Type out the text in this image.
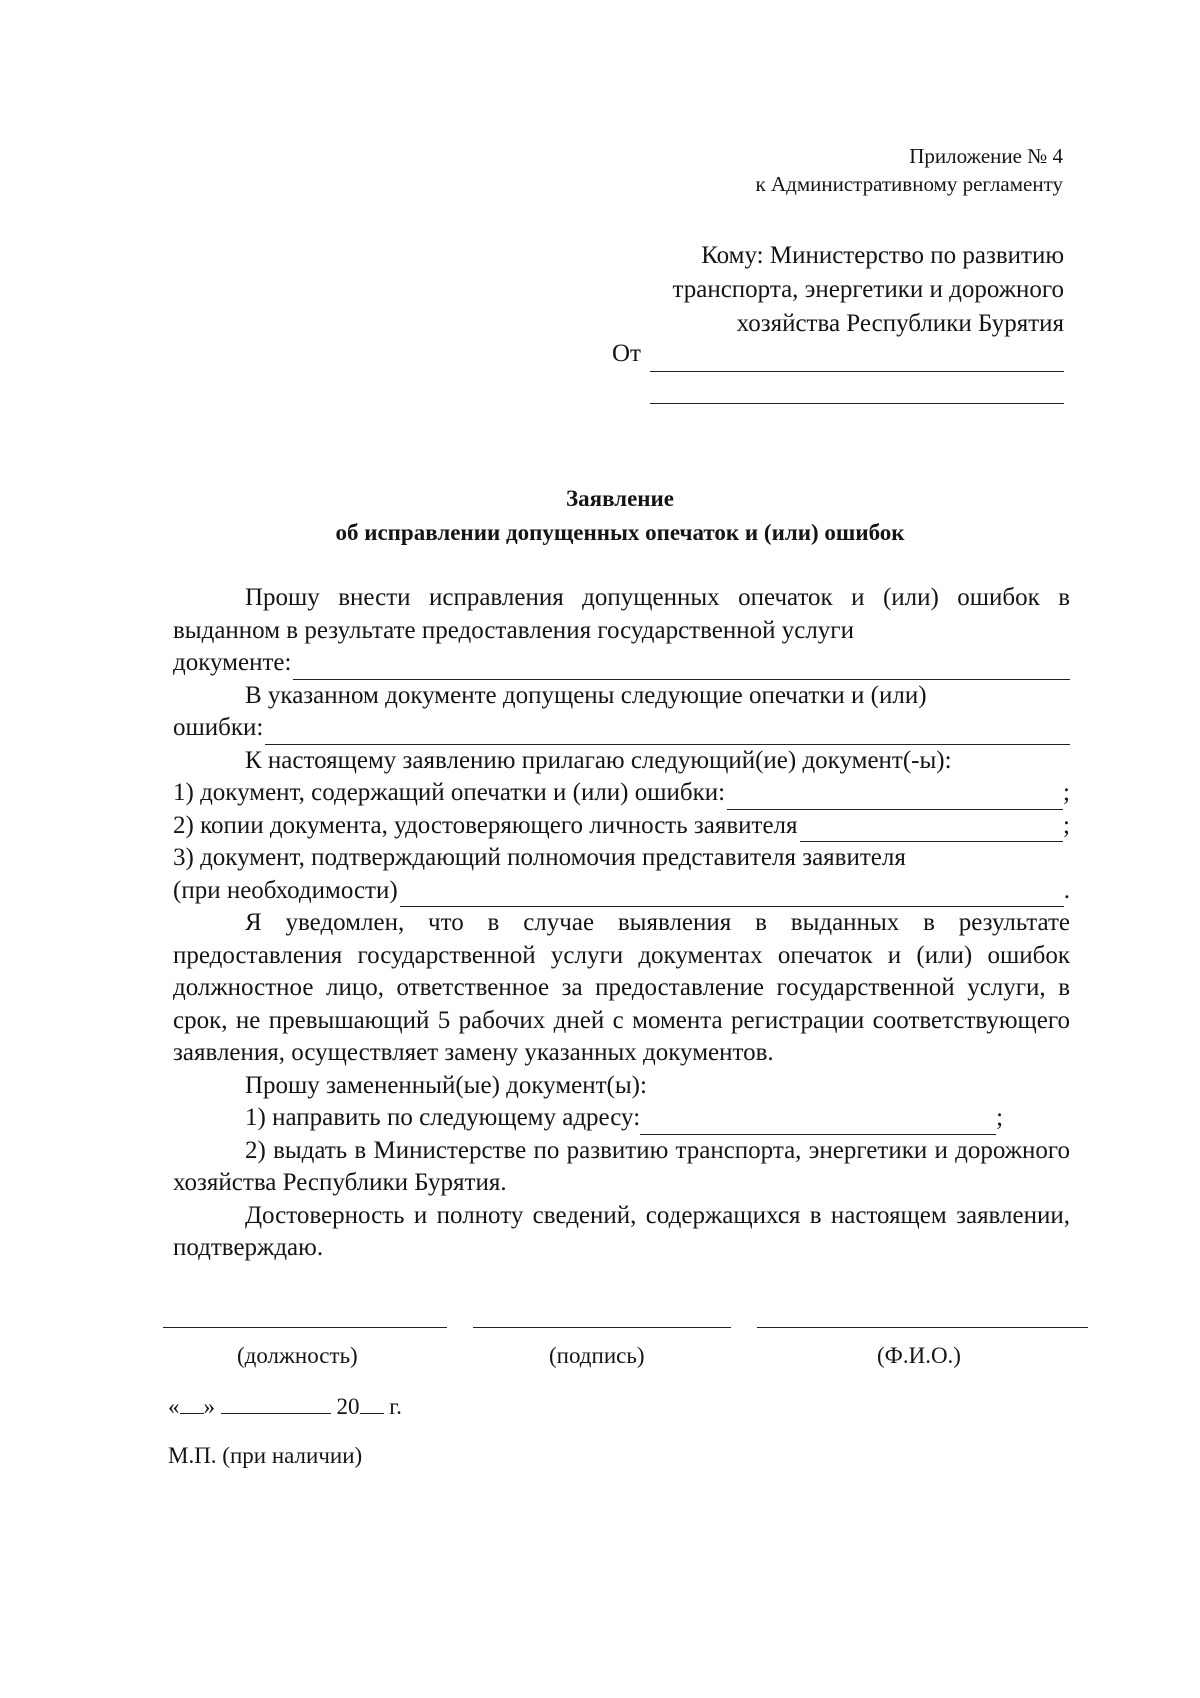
Приложение № 4
к Административному регламенту
Кому: Министерство по развитию
транспорта, энергетики и дорожного
хозяйства Республики Бурятия
От
Заявление
об исправлении допущенных опечаток и (или) ошибок

Прошу внести исправления допущенных опечаток и (или) ошибок в выданном в результате предоставления государственной услуги

документе:

В указанном документе допущены следующие опечатки и (или)

ошибки:

К настоящему заявлению прилагаю следующий(ие) документ(-ы):

1) документ, содержащий опечатки и (или) ошибки:	;

2) копии документа, удостоверяющего личность заявителя	;

3) документ, подтверждающий полномочия представителя заявителя

(при необходимости)	.

Я уведомлен, что в случае выявления в выданных в результате предоставления государственной услуги документах опечаток и (или) ошибок должностное лицо, ответственное за предоставление государственной услуги, в срок, не превышающий 5 рабочих дней с момента регистрации соответствующего заявления, осуществляет замену указанных документов.

Прошу замененный(ые) документ(ы):

1) направить по следующему адресу:	;

2) выдать в Министерстве по развитию транспорта, энергетики и дорожного хозяйства Республики Бурятия.

Достоверность и полноту сведений, содержащихся в настоящем заявлении, подтверждаю.

(должность)	(подпись)	(Ф.И.О.)
« »	20 г.
М.П. (при наличии)
